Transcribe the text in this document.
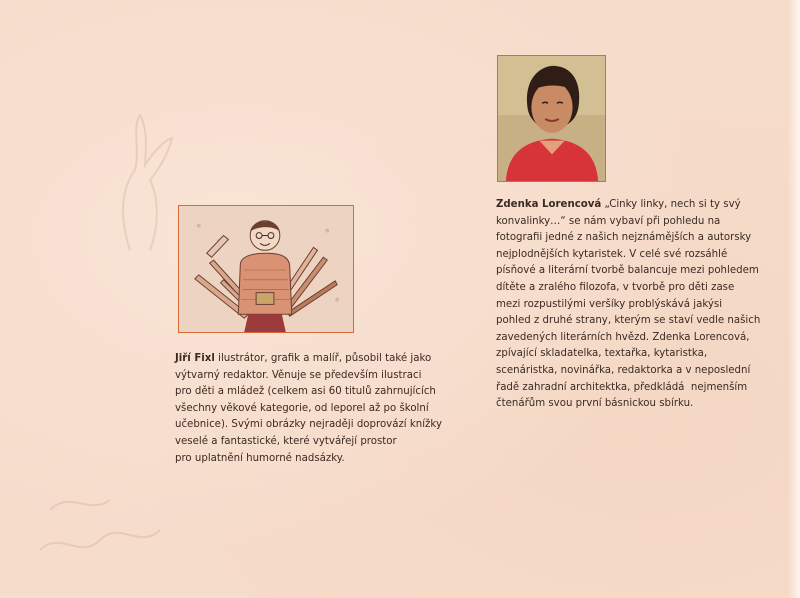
Jiří Fixl ilustrátor, grafik a malíř, působil také jako
výtvarný redaktor. Věnuje se především ilustraci
pro děti a mládež (celkem asi 60 titulů zahrnujících
všechny věkové kategorie, od leporel až po školní
učebnice). Svými obrázky nejraději doprovází knížky
veselé a fantastické, které vytvářejí prostor
pro uplatnění humorné nadsázky.
Zdenka Lorencová „Cinky linky, nech si ty svý
konvalinky…“ se nám vybaví při pohledu na
fotografii jedné z našich nejznámějších a autorsky
nejplodnějších kytaristek. V celé své rozsáhlé
písňové a literární tvorbě balancuje mezi pohledem
dítěte a zralého filozofa, v tvorbě pro děti zase
mezi rozpustilými veršíky problýskává jakýsi
pohled z druhé strany, kterým se staví vedle našich
zavedených literárních hvězd. Zdenka Lorencová,
zpívající skladatelka, textařka, kytaristka,
scenáristka, novinářka, redaktorka a v neposlední
řadě zahradní architektka, předkládá  nejmenším
čtenářům svou první básnickou sbírku.
